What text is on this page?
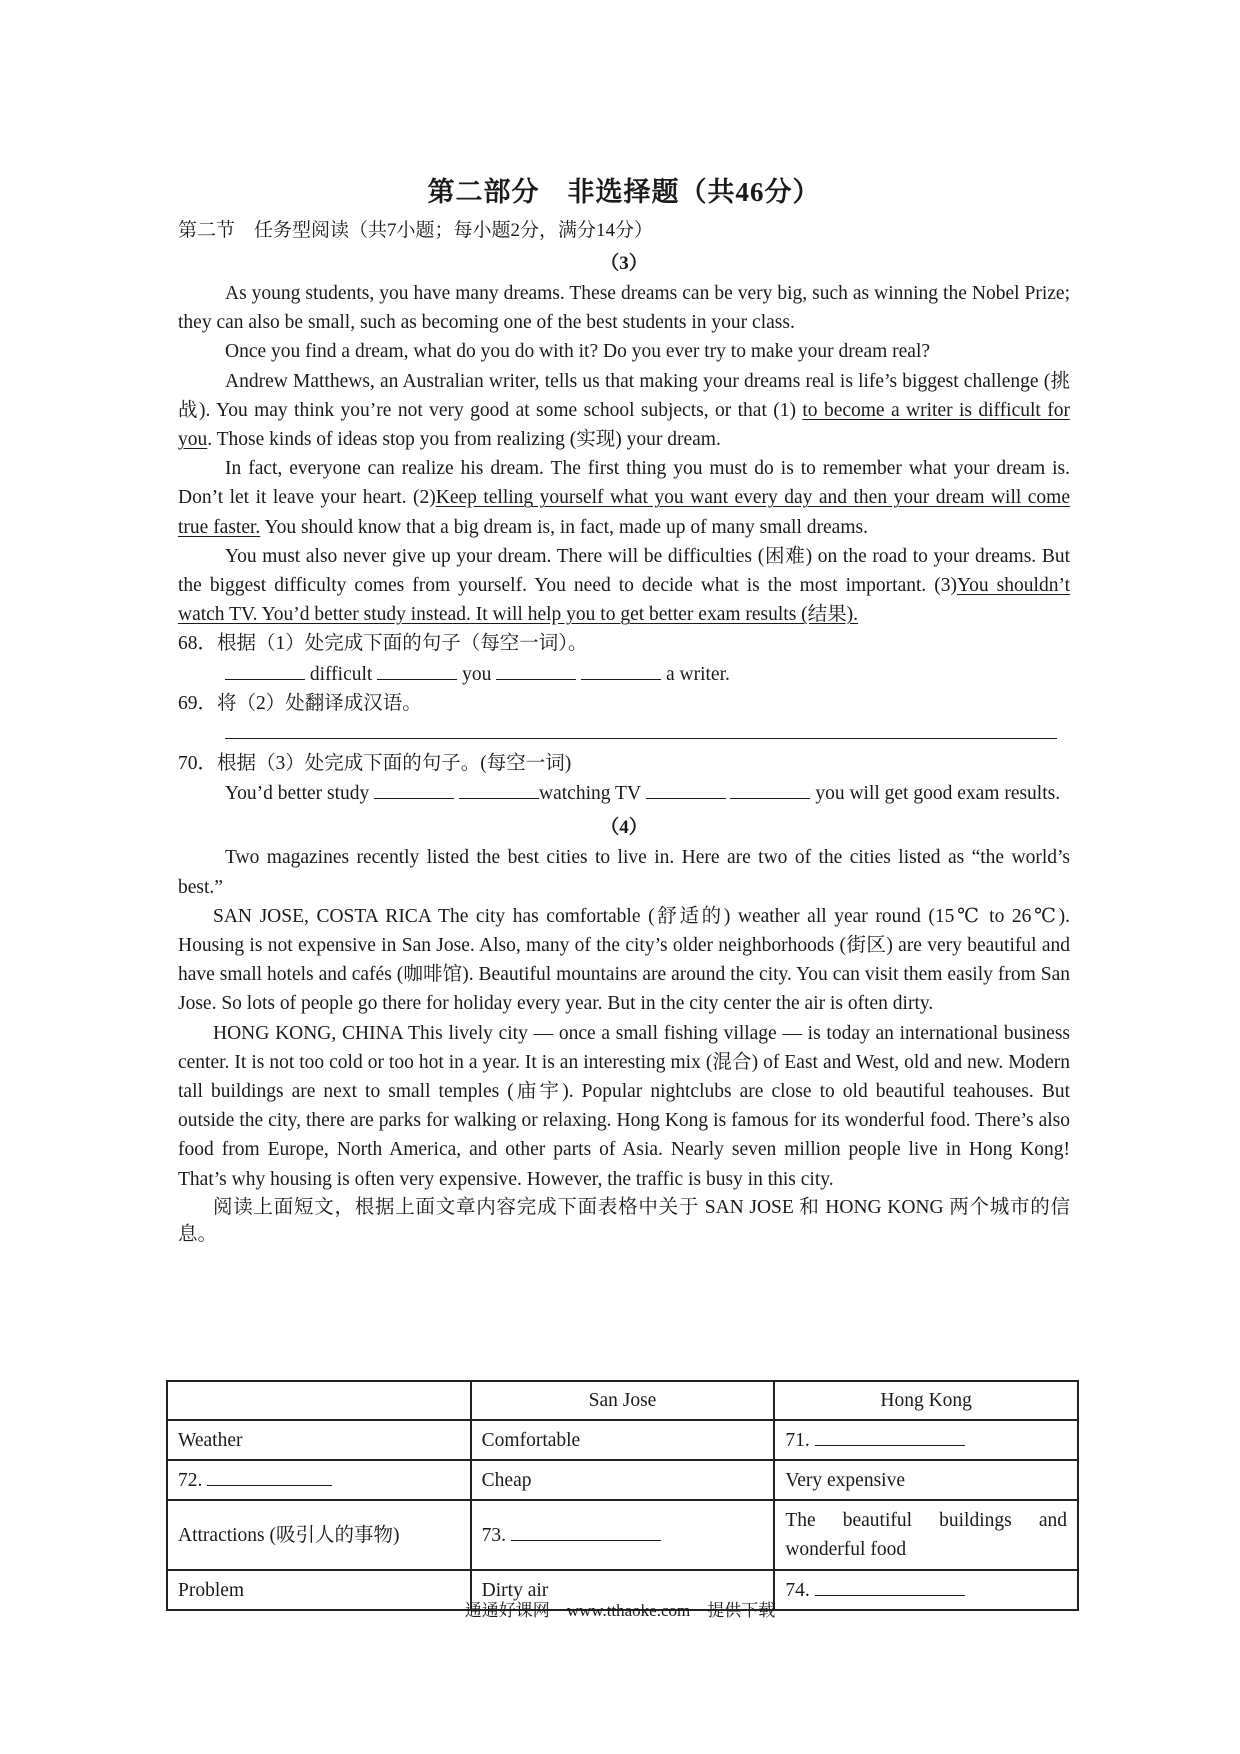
第二部分　非选择题（共46分）
第二节　任务型阅读（共7小题；每小题2分，满分14分）
（3）

As young students, you have many dreams. These dreams can be very big, such as winning the Nobel Prize; they can also be small, such as becoming one of the best students in your class.

Once you find a dream, what do you do with it? Do you ever try to make your dream real?

Andrew Matthews, an Australian writer, tells us that making your dreams real is life’s biggest challenge (挑战). You may think you’re not very good at some school subjects, or that (1) to become a writer is difficult for you. Those kinds of ideas stop you from realizing (实现) your dream.

In fact, everyone can realize his dream. The first thing you must do is to remember what your dream is. Don’t let it leave your heart. (2)Keep telling yourself what you want every day and then your dream will come true faster. You should know that a big dream is, in fact, made up of many small dreams.

You must also never give up your dream. There will be difficulties (困难) on the road to your dreams. But the biggest difficulty comes from yourself. You need to decide what is the most important. (3)You shouldn’t watch TV. You’d better study instead. It will help you to get better exam results (结果).

68．根据（1）处完成下面的句子（每空一词）。
difficult	you	a writer.
69．将（2）处翻译成汉语。
70．根据（3）处完成下面的句子。(每空一词)

You’d better study	watching TV	you will get good exam results.

（4）

Two magazines recently listed the best cities to live in. Here are two of the cities listed as “the world’s best.”

SAN JOSE, COSTA RICA The city has comfortable (舒适的) weather all year round (15℃ to 26℃). Housing is not expensive in San Jose. Also, many of the city’s older neighborhoods (街区) are very beautiful and have small hotels and cafés (咖啡馆). Beautiful mountains are around the city. You can visit them easily from San Jose. So lots of people go there for holiday every year. But in the city center the air is often dirty.

HONG KONG, CHINA This lively city — once a small fishing village — is today an international business center. It is not too cold or too hot in a year. It is an interesting mix (混合) of East and West, old and new. Modern tall buildings are next to small temples (庙宇). Popular nightclubs are close to old beautiful teahouses. But outside the city, there are parks for walking or relaxing. Hong Kong is famous for its wonderful food. There’s also food from Europe, North America, and other parts of Asia. Nearly seven million people live in Hong Kong! That’s why housing is often very expensive. However, the traffic is busy in this city.

阅读上面短文，根据上面文章内容完成下面表格中关于 SAN JOSE 和 HONG KONG 两个城市的信息。

	San Jose	Hong Kong
Weather	Comfortable	71.
72.	Cheap	Very expensive
Attractions (吸引人的事物)	73.	The beautiful buildings and wonderful food
Problem	Dirty air	74.
通通好课网　www.tthaoke.com　提供下载
